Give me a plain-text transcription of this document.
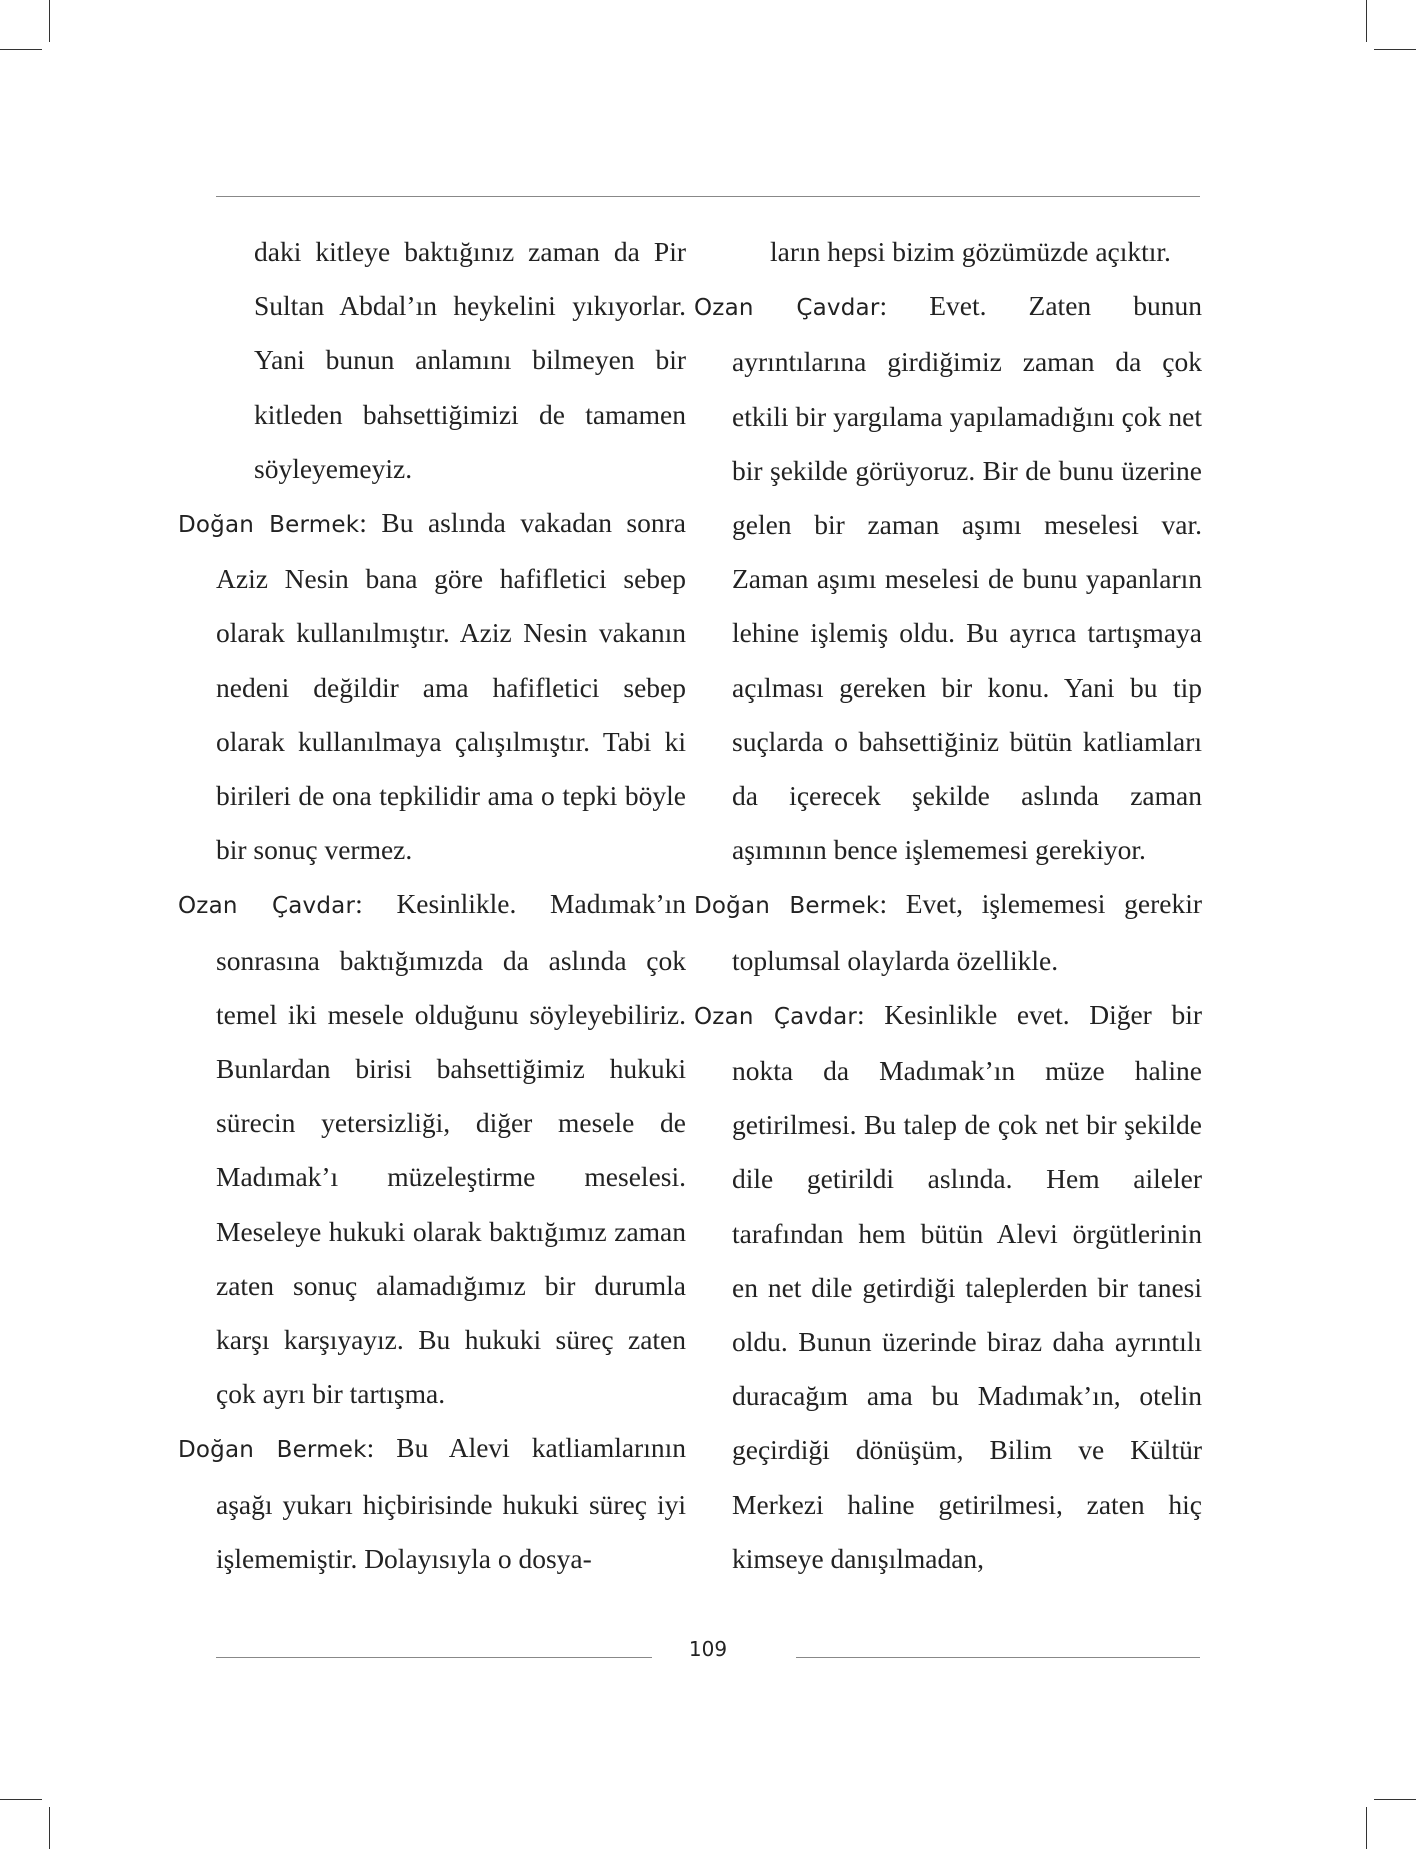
daki kitleye baktığınız zaman da Pir Sultan Abdal’ın heykelini yıkıyorlar. Yani bunun anlamını bilmeyen bir kitleden bahsettiğimizi de tamamen söyleyemeyiz.

Doğan Bermek: Bu aslında vakadan sonra Aziz Nesin bana göre hafifletici sebep olarak kullanılmıştır. Aziz Nesin vakanın nedeni değildir ama hafifletici sebep olarak kullanılmaya çalışılmıştır. Tabi ki birileri de ona tepkilidir ama o tepki böyle bir sonuç vermez.

Ozan Çavdar: Kesinlikle. Madımak’ın sonrasına baktığımızda da aslında çok temel iki mesele olduğunu söyleyebiliriz. Bunlardan birisi bahsettiğimiz hukuki sürecin yetersizliği, diğer mesele de Madımak’ı müzeleştirme meselesi. Meseleye hukuki olarak baktığımız zaman zaten sonuç alamadığımız bir durumla karşı karşıyayız. Bu hukuki süreç zaten çok ayrı bir tartışma.

Doğan Bermek: Bu Alevi katliamlarının aşağı yukarı hiçbirisinde hukuki süreç iyi işlememiştir. Dolayısıyla o dosya-

ların hepsi bizim gözümüzde açıktır.

Ozan Çavdar: Evet. Zaten bunun ayrıntılarına girdiğimiz zaman da çok etkili bir yargılama yapılamadığını çok net bir şekilde görüyoruz. Bir de bunu üzerine gelen bir zaman aşımı meselesi var. Zaman aşımı meselesi de bunu yapanların lehine işlemiş oldu. Bu ayrıca tartışmaya açılması gereken bir konu. Yani bu tip suçlarda o bahsettiğiniz bütün katliamları da içerecek şekilde aslında zaman aşımının bence işlememesi gerekiyor.

Doğan Bermek: Evet, işlememesi gerekir toplumsal olaylarda özellikle.

Ozan Çavdar: Kesinlikle evet. Diğer bir nokta da Madımak’ın müze haline getirilmesi. Bu talep de çok net bir şekilde dile getirildi aslında. Hem aileler tarafından hem bütün Alevi örgütlerinin en net dile getirdiği taleplerden bir tanesi oldu. Bunun üzerinde biraz daha ayrıntılı duracağım ama bu Madımak’ın, otelin geçirdiği dönüşüm, Bilim ve Kültür Merkezi haline getirilmesi, zaten hiç kimseye danışılmadan,

109
